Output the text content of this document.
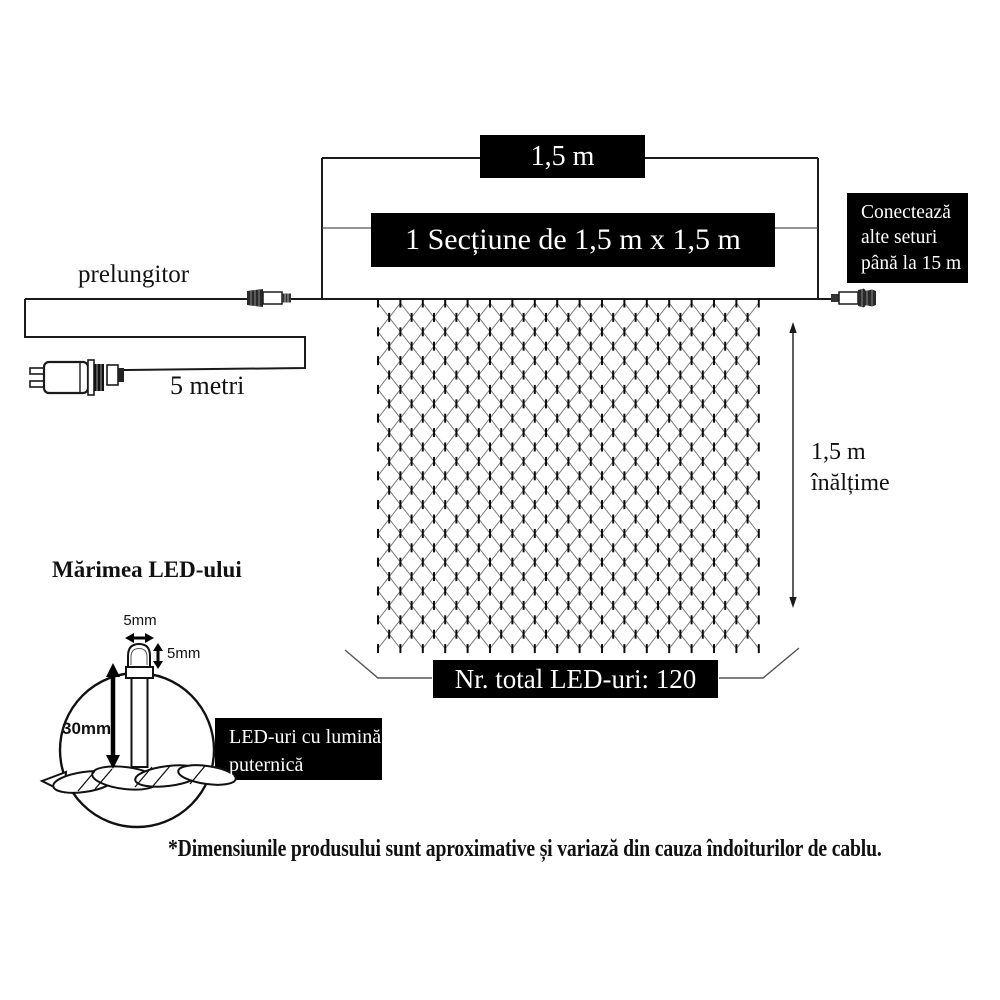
1,5 m
1 Secțiune de 1,5 m x 1,5 m
Conectează
alte seturi
până la 15 m
Nr. total LED-uri: 120
prelungitor
5 metri
1,5 m
înălțime
Mărimea LED-ului
5mm
5mm
30mm	LED-uri cu lumină
puternică
*Dimensiunile produsului sunt aproximative și variază din cauza îndoiturilor de cablu.
